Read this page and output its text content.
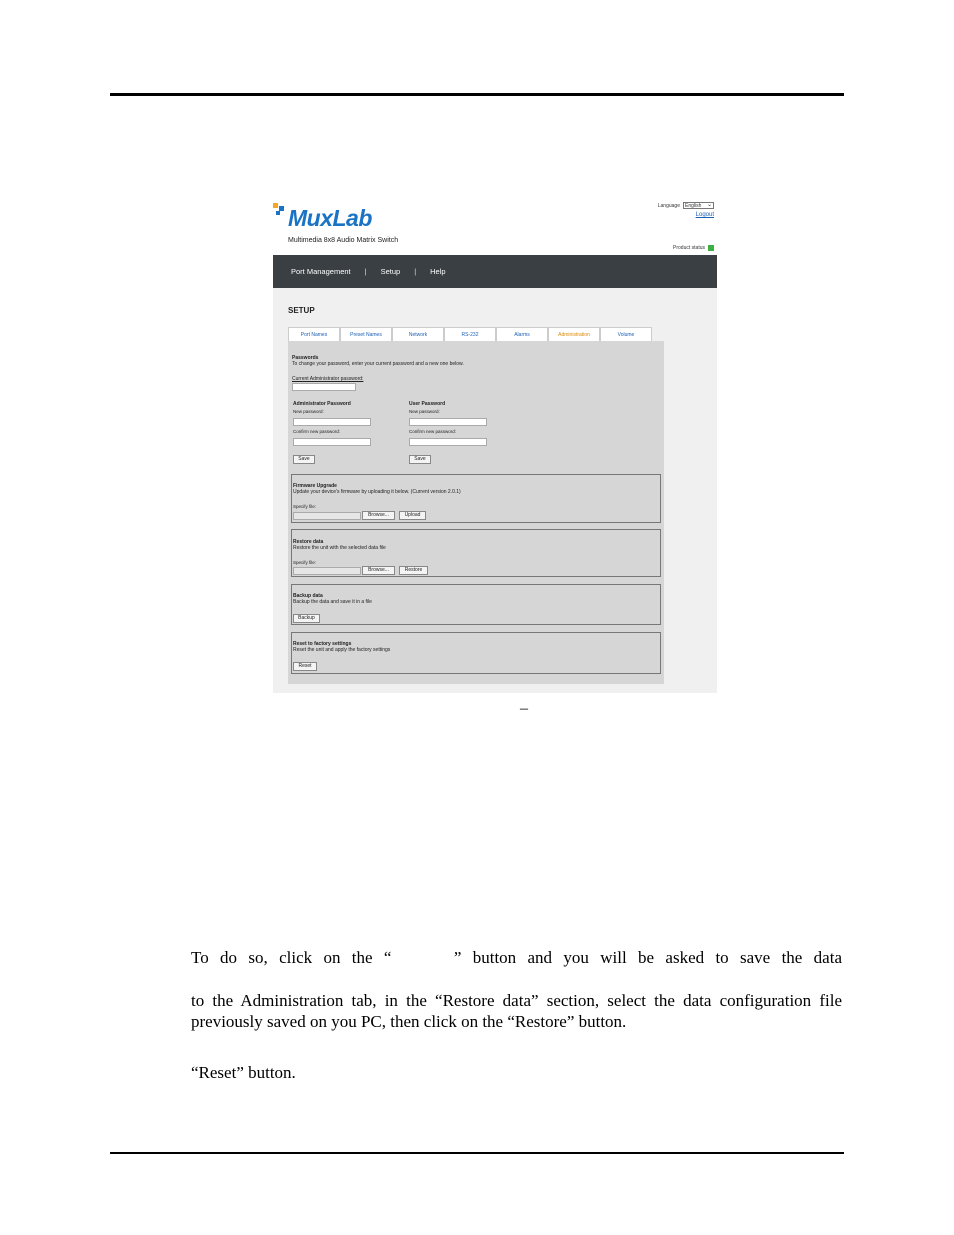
MuxLab
Multimedia 8x8 Audio Matrix Switch
Language	English ⌄
Logout
Product status
Port Management | Setup | Help
SETUP
Port Names	Preset Names	Network	RS-232	Alarms	Administration	Volume
Passwords
To change your password, enter your current password and a new one below.
Current Administrator password:
Administrator Password
New password:
Confirm new password:
Save
User Password
New password:
Confirm new password:
Save
Firmware Upgrade
Update your device's firmware by uploading it below. (Current version 2.0.1)
Specify file:
Browse...	Upload
Restore data
Restore the unit with the selected data file
Specify file:
Browse...	Restore
Backup data
Backup the data and save it in a file
Backup
Reset to factory settings
Reset the unit and apply the factory settings
Reset
–
To  do  so,  click  on  the  “           ”  button  and  you  will  be  asked  to  save  the  data
to the Administration tab, in the “Restore data” section, select the data configuration file previously saved on you PC, then click on the “Restore” button.
“Reset” button.
